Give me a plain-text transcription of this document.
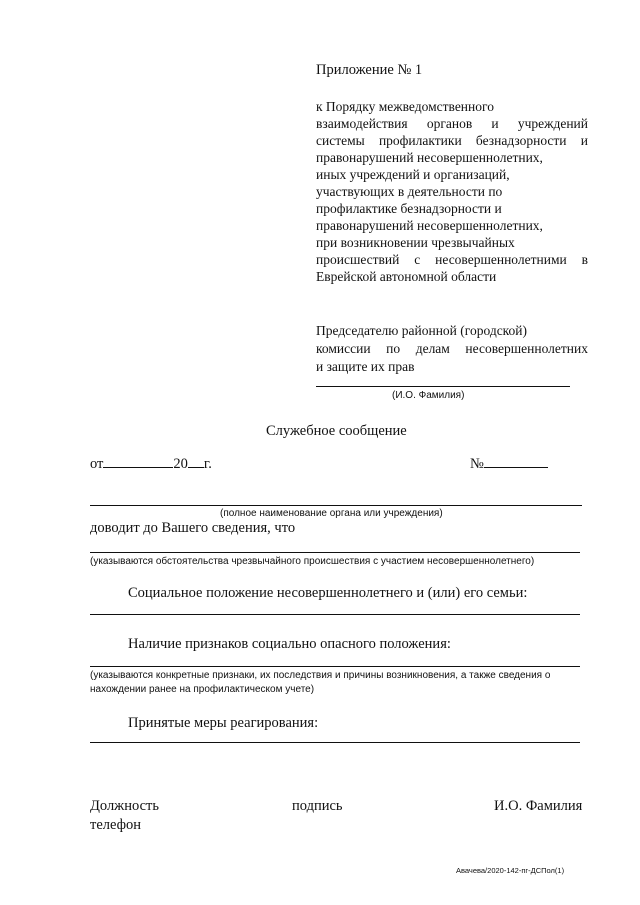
Приложение № 1
к Порядку межведомственного
взаимодействия органов и учреждений
системы профилактики безнадзорности и
правонарушений несовершеннолетних,
иных учреждений и организаций,
участвующих в деятельности по
профилактике безнадзорности и
правонарушений несовершеннолетних,
при возникновении чрезвычайных
происшествий с несовершеннолетними в
Еврейской автономной области
Председателю районной (городской)
комиссии по делам несовершеннолетних
и защите их прав
(И.О. Фамилия)
Служебное сообщение
от	20 г.	№
(полное наименование органа или учреждения)
доводит до Вашего сведения, что
(указываются обстоятельства чрезвычайного происшествия с участием несовершеннолетнего)
Социальное положение несовершеннолетнего и (или) его семьи:
Наличие признаков социально опасного положения:
(указываются конкретные признаки, их последствия и причины возникновения, а также сведения о
нахождении ранее на профилактическом учете)
Принятые меры реагирования:
Должность
телефон
подпись	И.О. Фамилия
Авачева/2020-142-пг-ДСПол(1)
